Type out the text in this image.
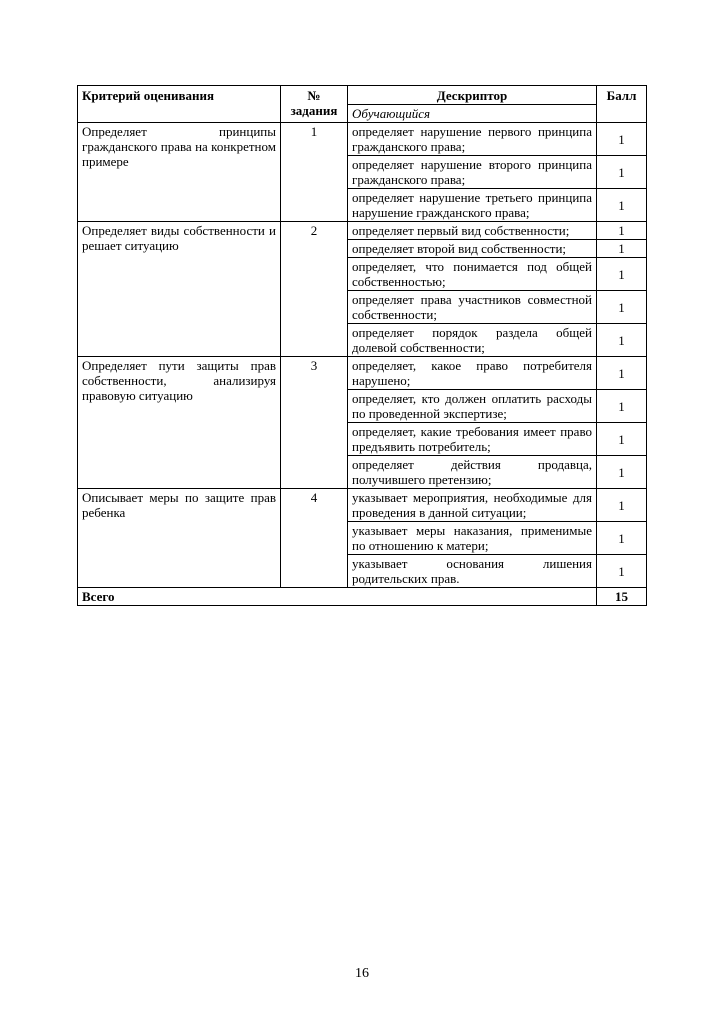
Критерий оценивания	№ задания	Дескриптор	Балл
		Обучающийся	
Определяет принципы гражданского права на конкретном примере	1	определяет нарушение первого принципа гражданского права;	1
		определяет нарушение второго принципа гражданского права;	1
		определяет нарушение третьего принципа нарушение гражданского права;	1
Определяет виды собственности и решает ситуацию	2	определяет первый вид собственности;	1
		определяет второй вид собственности;	1
		определяет, что понимается под общей собственностью;	1
		определяет права участников совместной собственности;	1
		определяет порядок раздела общей долевой собственности;	1
Определяет пути защиты прав собственности, анализируя правовую ситуацию	3	определяет, какое право потребителя нарушено;	1
		определяет, кто должен оплатить расходы по проведенной экспертизе;	1
		определяет, какие требования имеет право предъявить потребитель;	1
		определяет действия продавца, получившего претензию;	1
Описывает меры по защите прав ребенка	4	указывает мероприятия, необходимые для проведения в данной ситуации;	1
		указывает меры наказания, применимые по отношению к матери;	1
		указывает основания лишения родительских прав.	1
Всего			15
16
